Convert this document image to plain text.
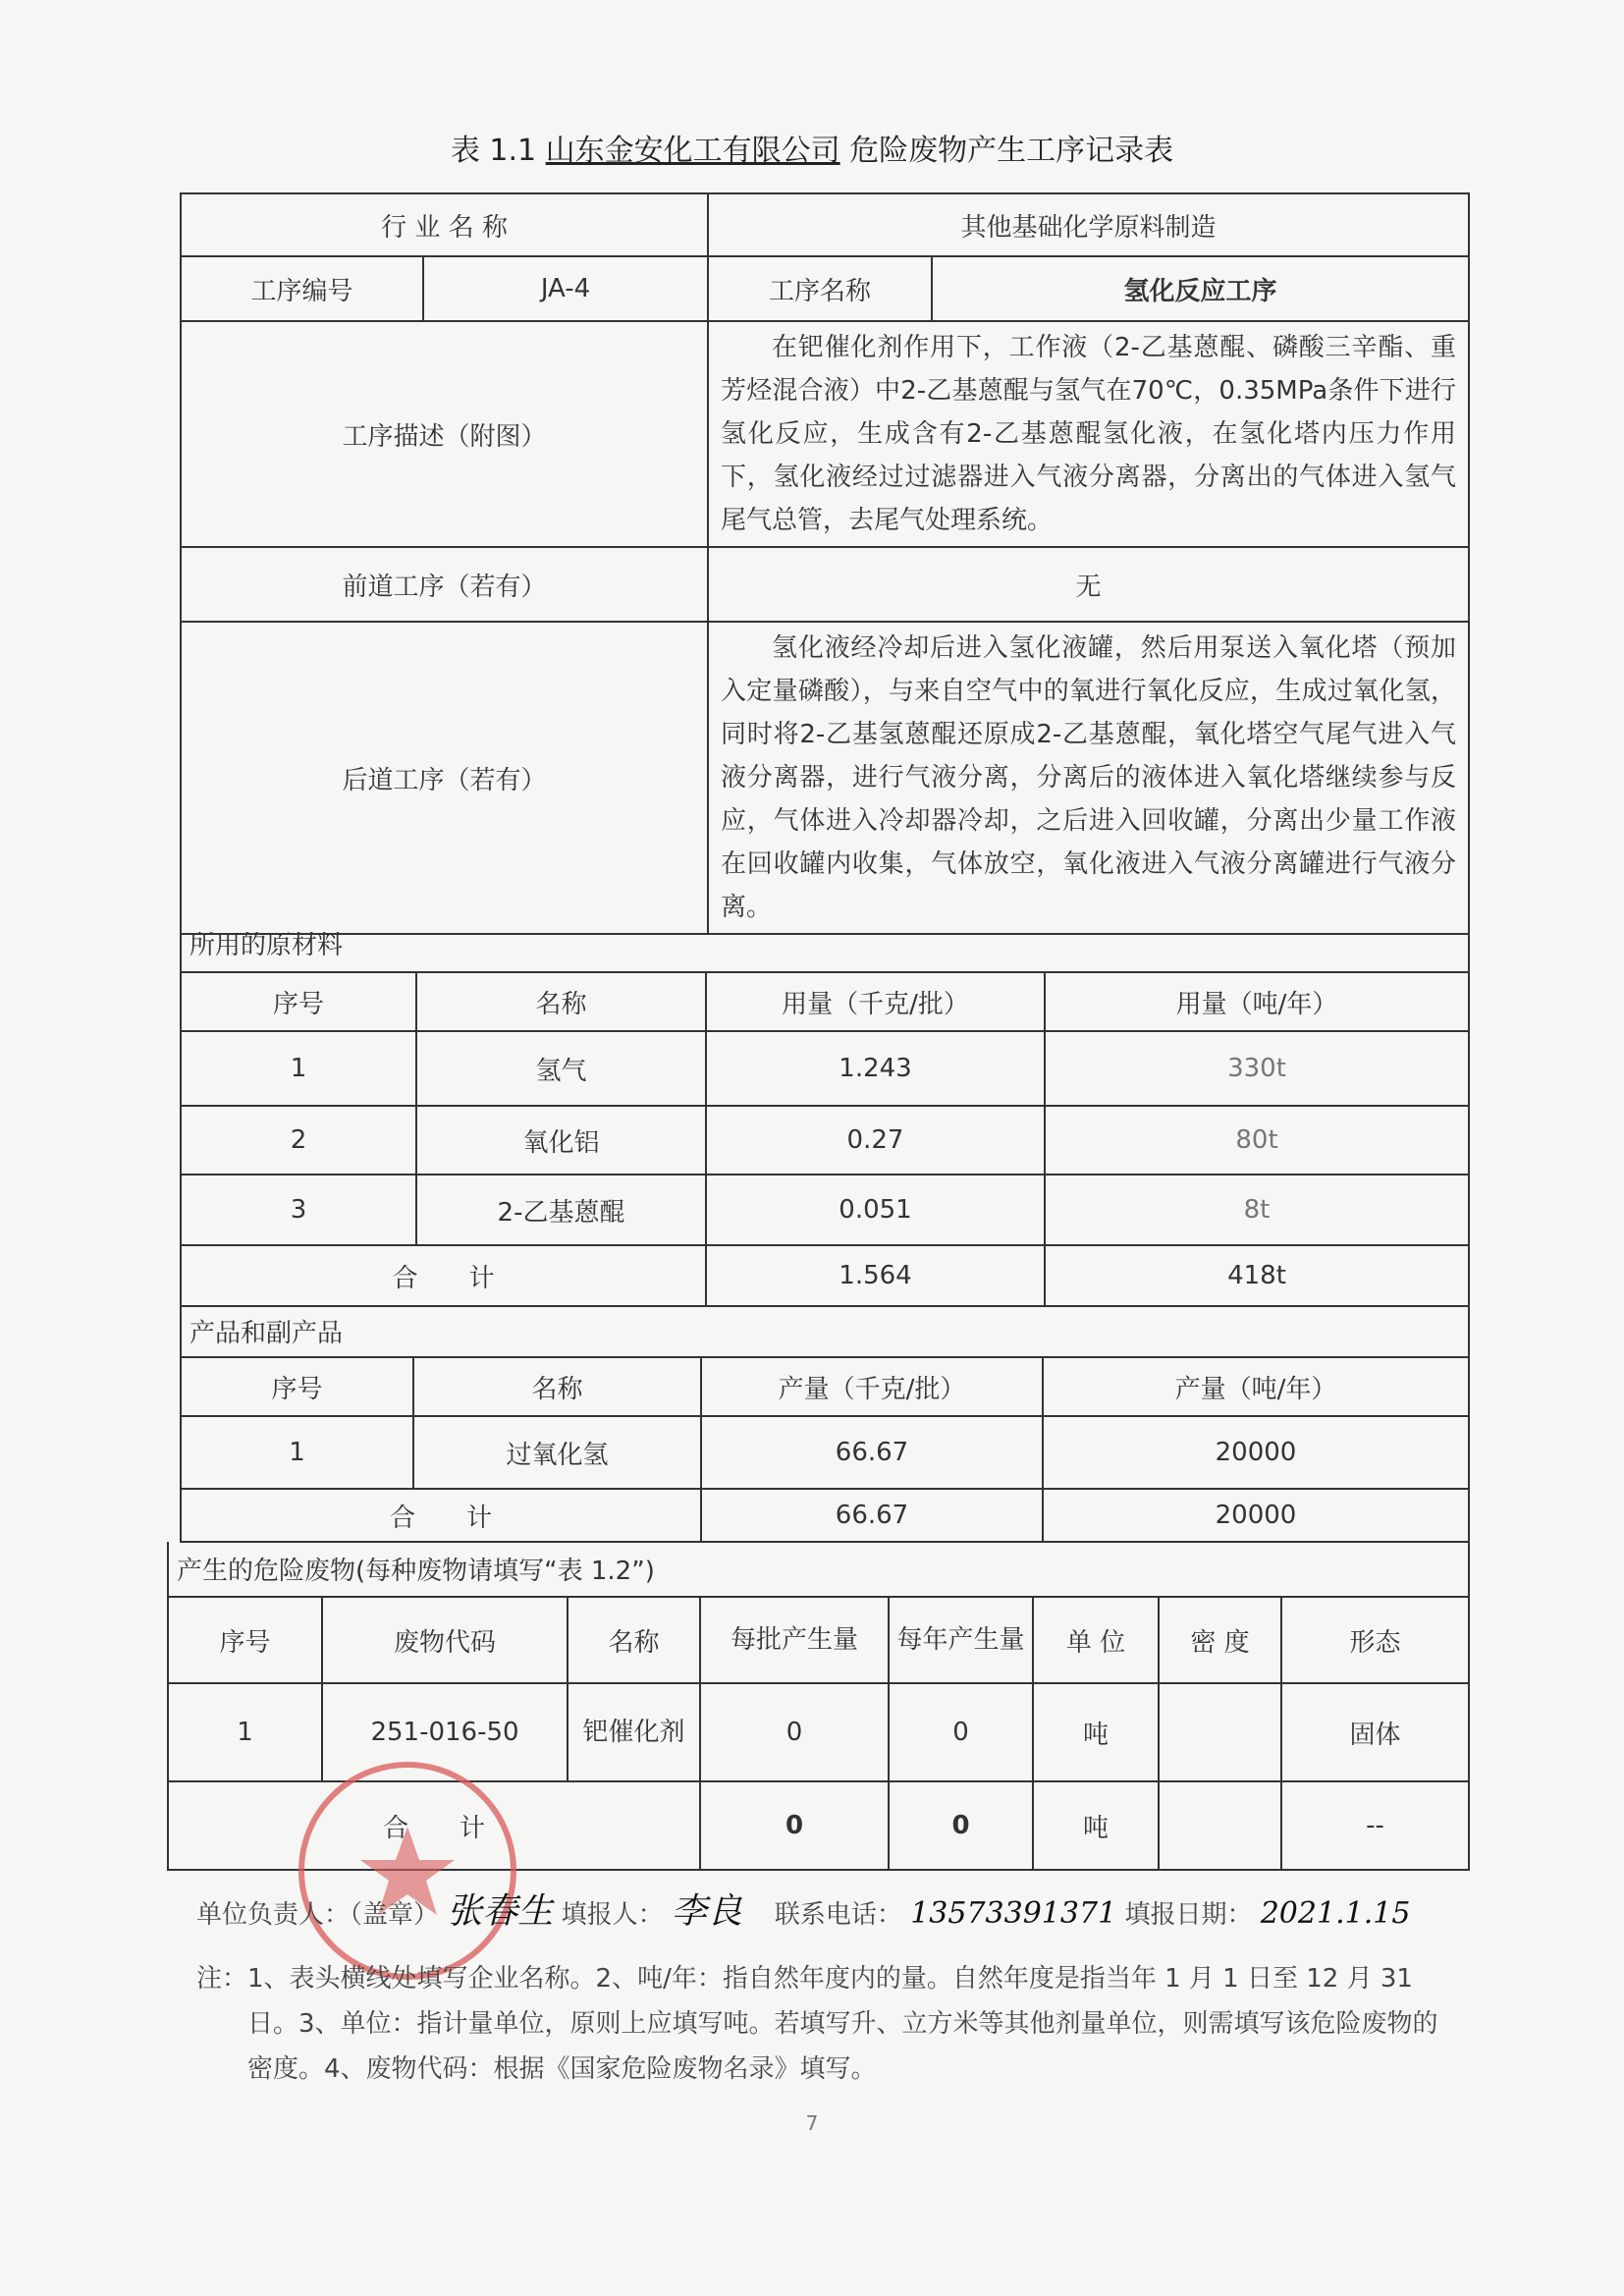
表 1.1 山东金安化工有限公司 危险废物产生工序记录表
行 业 名 称		其他基础化学原料制造	
工序编号	JA-4	工序名称	氢化反应工序
工序描述（附图）		在钯催化剂作用下，工作液（2-乙基蒽醌、磷酸三辛酯、重芳烃混合液）中2-乙基蒽醌与氢气在70℃，0.35MPa条件下进行氢化反应，生成含有2-乙基蒽醌氢化液，在氢化塔内压力作用下，氢化液经过过滤器进入气液分离器，分离出的气体进入氢气尾气总管，去尾气处理系统。	
前道工序（若有）		无	
后道工序（若有）		氢化液经冷却后进入氢化液罐，然后用泵送入氧化塔（预加入定量磷酸），与来自空气中的氧进行氧化反应，生成过氧化氢，同时将2-乙基氢蒽醌还原成2-乙基蒽醌，氧化塔空气尾气进入气液分离器，进行气液分离，分离后的液体进入氧化塔继续参与反应，气体进入冷却器冷却，之后进入回收罐，分离出少量工作液在回收罐内收集，气体放空，氧化液进入气液分离罐进行气液分离。	
所用的原材料			
序号	名称	用量（千克/批）	用量（吨/年）
1	氢气	1.243	330t
2	氧化铝	0.27	80t
3	2-乙基蒽醌	0.051	8t
合　　计		1.564	418t
产品和副产品			
序号	名称	产量（千克/批）	产量（吨/年）
1	过氧化氢	66.67	20000
合　　计		66.67	20000
产生的危险废物(每种废物请填写“表 1.2”)							
序号	废物代码	名称	每批产生量	每年产生量	单 位	密 度	形态
1	251-016-50	钯催化剂	0	0	吨		固体
合　　计			0	0	吨		--
单位负责人：（盖章） 张春生 填报人： 李良 联系电话： 13573391371 填报日期： 2021.1.15
注：1、表头横线处填写企业名称。2、吨/年：指自然年度内的量。自然年度是指当年 1 月 1 日至 12 月 31 日。3、单位：指计量单位，原则上应填写吨。若填写升、立方米等其他剂量单位，则需填写该危险废物的密度。4、废物代码：根据《国家危险废物名录》填写。
7
